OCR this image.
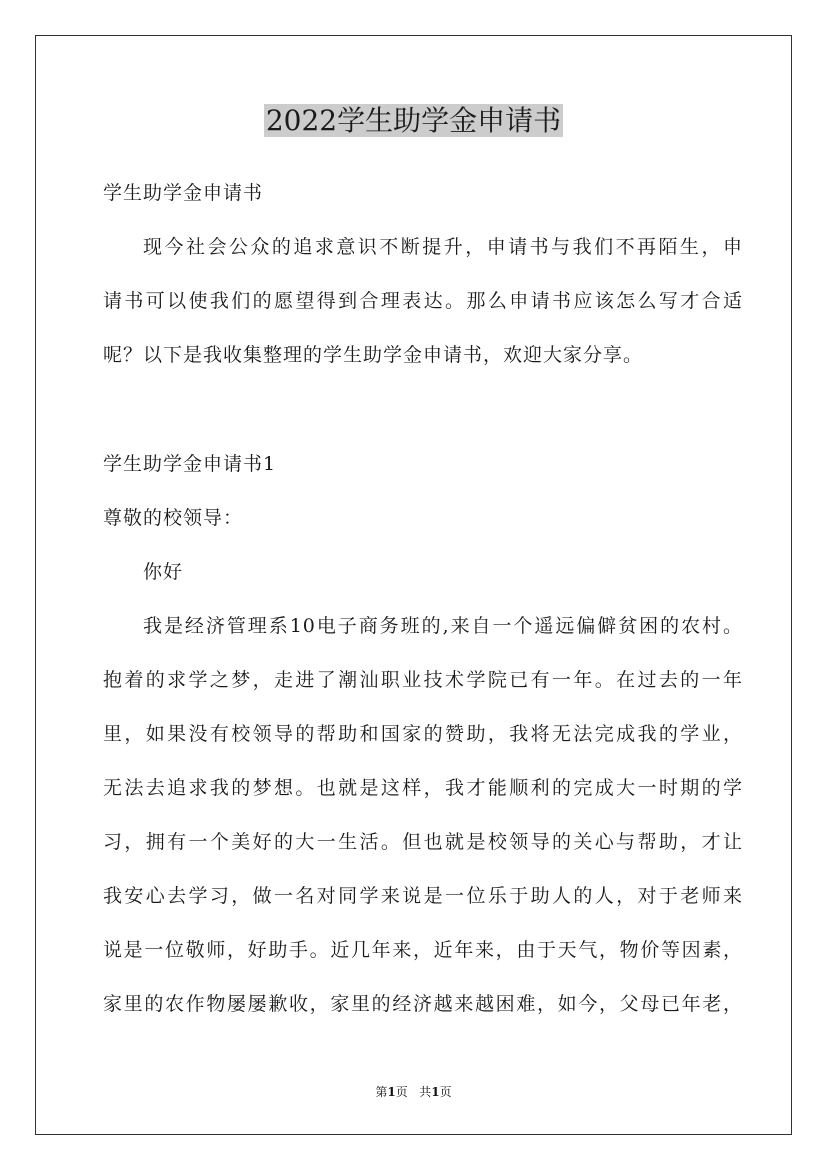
2022学生助学金申请书
学生助学金申请书
现今社会公众的追求意识不断提升，申请书与我们不再陌生，申
请书可以使我们的愿望得到合理表达。那么申请书应该怎么写才合适
呢？以下是我收集整理的学生助学金申请书，欢迎大家分享。
学生助学金申请书1
尊敬的校领导：
你好
我是经济管理系10电子商务班的,来自一个遥远偏僻贫困的农村。
抱着的求学之梦，走进了潮汕职业技术学院已有一年。在过去的一年
里，如果没有校领导的帮助和国家的赞助，我将无法完成我的学业，
无法去追求我的梦想。也就是这样，我才能顺利的完成大一时期的学
习，拥有一个美好的大一生活。但也就是校领导的关心与帮助，才让
我安心去学习，做一名对同学来说是一位乐于助人的人，对于老师来
说是一位敬师，好助手。近几年来，近年来，由于天气，物价等因素，
家里的农作物屡屡歉收，家里的经济越来越困难，如今，父母已年老，
第1页 共1页
